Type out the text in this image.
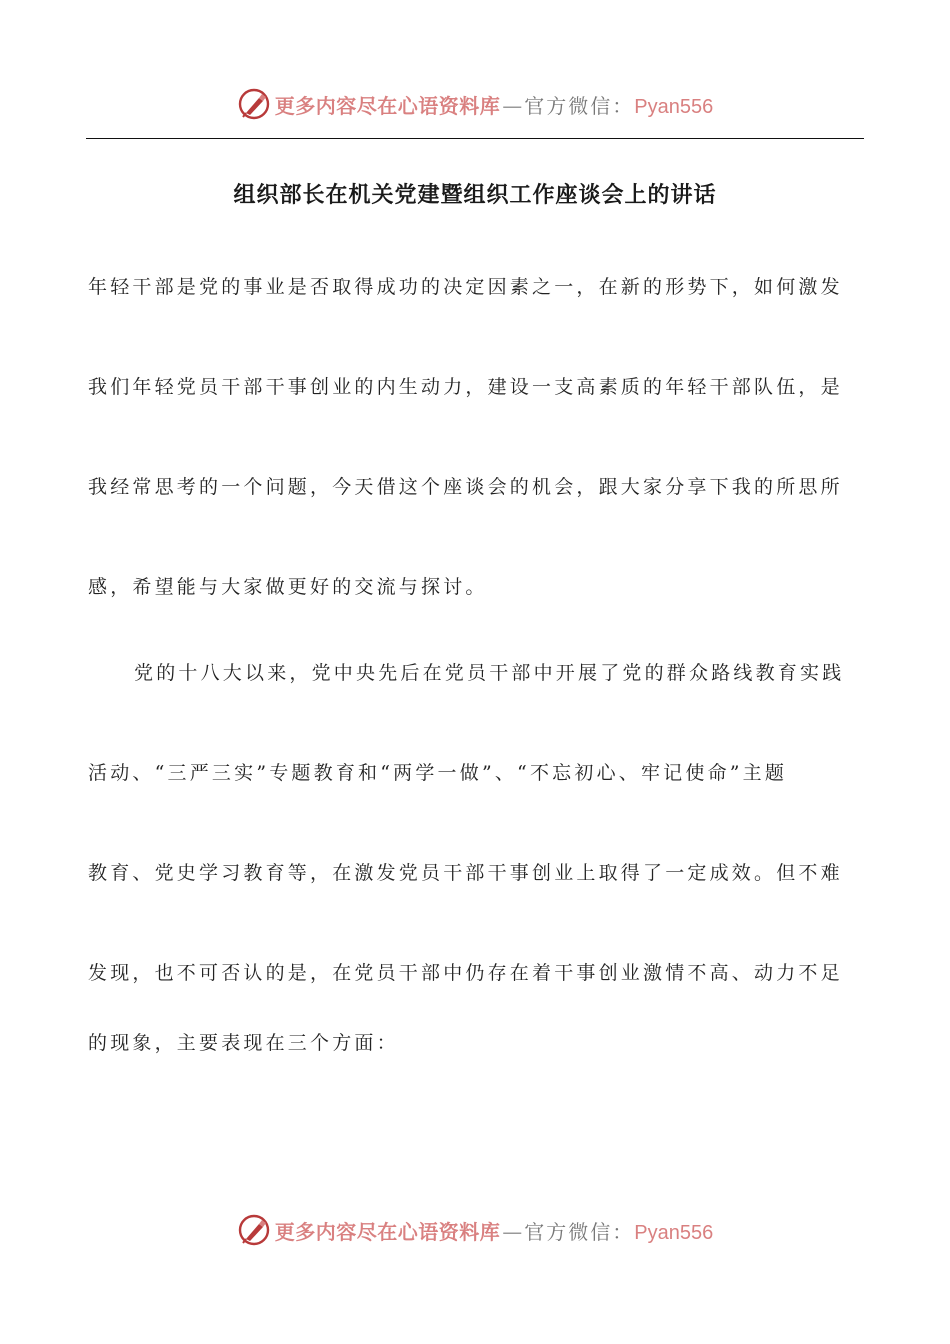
更多内容尽在心语资料库 — 官方微信： Pyan556
组织部长在机关党建暨组织工作座谈会上的讲话
年轻干部是党的事业是否取得成功的决定因素之一，在新的形势下，如何激发
我们年轻党员干部干事创业的内生动力，建设一支高素质的年轻干部队伍，是
我经常思考的一个问题，今天借这个座谈会的机会，跟大家分享下我的所思所
感，希望能与大家做更好的交流与探讨。
党的十八大以来，党中央先后在党员干部中开展了党的群众路线教育实践
活动、“三严三实”专题教育和“两学一做”、“不忘初心、牢记使命”主题
教育、党史学习教育等，在激发党员干部干事创业上取得了一定成效。但不难
发现，也不可否认的是，在党员干部中仍存在着干事创业激情不高、动力不足
的现象，主要表现在三个方面：
更多内容尽在心语资料库 — 官方微信： Pyan556
